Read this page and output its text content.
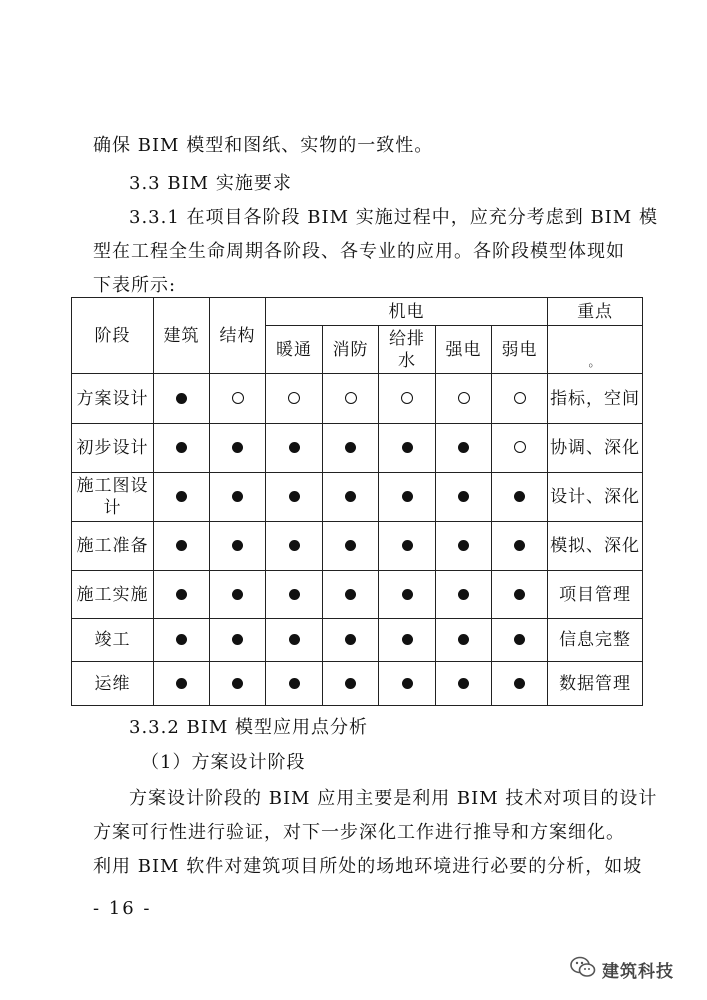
确保 BIM 模型和图纸、实物的一致性。
3.3 BIM 实施要求
3.3.1 在项目各阶段 BIM 实施过程中，应充分考虑到 BIM 模
型在工程全生命周期各阶段、各专业的应用。各阶段模型体现如
下表所示:
阶段	建筑	结构	机电					重点
			暖通	消防	给排水	强电	弱电	。
方案设计								指标，空间
初步设计								协调、深化
施工图设计								设计、深化
施工准备								模拟、深化
施工实施								项目管理
竣工								信息完整
运维								数据管理
3.3.2 BIM 模型应用点分析
（1）方案设计阶段
方案设计阶段的 BIM 应用主要是利用 BIM 技术对项目的设计
方案可行性进行验证，对下一步深化工作进行推导和方案细化。
利用 BIM 软件对建筑项目所处的场地环境进行必要的分析，如坡
- 16 -
建筑科技
